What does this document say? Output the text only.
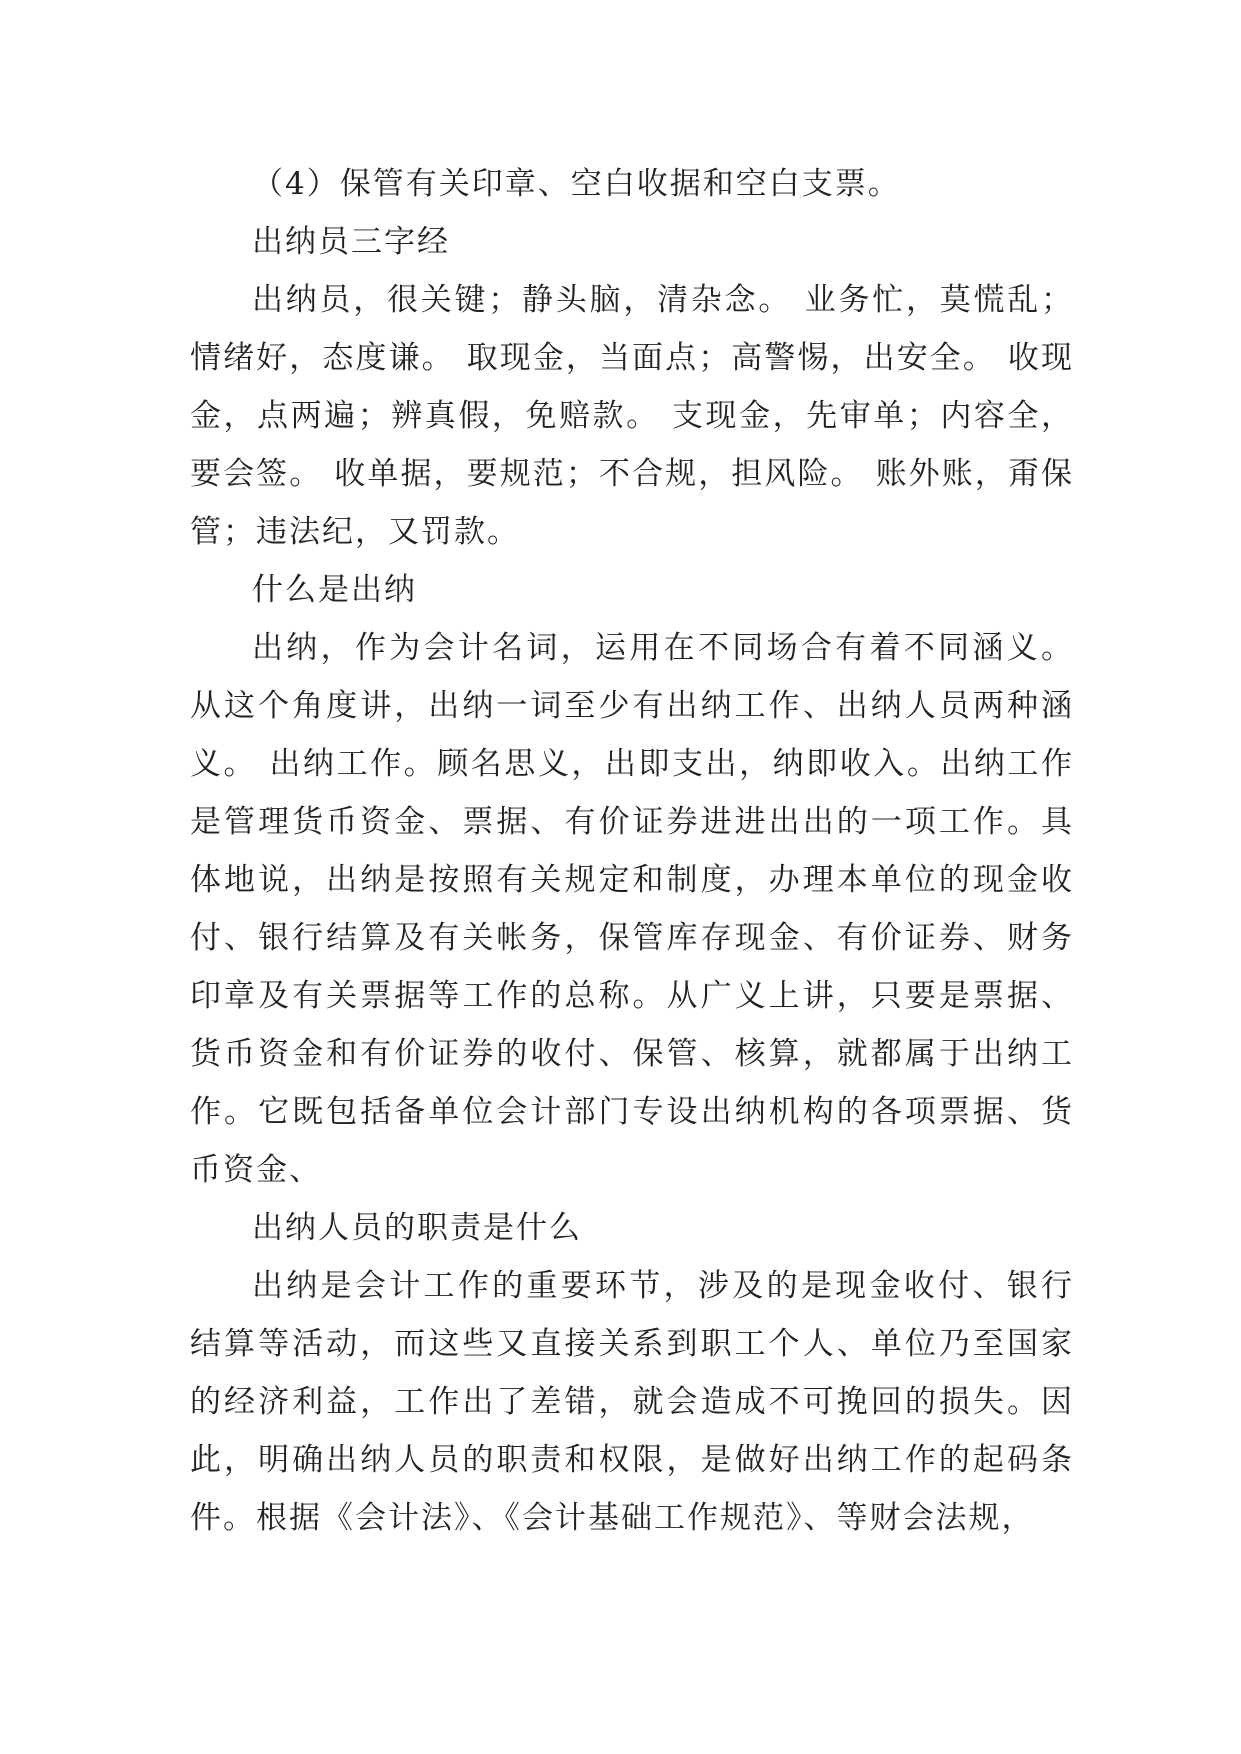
（4）保管有关印章、空白收据和空白支票。

出纳员三字经

出纳员，很关键；静头脑，清杂念。 业务忙，莫慌乱；情绪好，态度谦。 取现金，当面点；高警惕，出安全。 收现金，点两遍；辨真假，免赔款。 支现金，先审单；内容全，要会签。 收单据，要规范；不合规，担风险。 账外账，甭保管；违法纪，又罚款。

什么是出纳

出纳，作为会计名词，运用在不同场合有着不同涵义。从这个角度讲，出纳一词至少有出纳工作、出纳人员两种涵义。 出纳工作。顾名思义，出即支出，纳即收入。出纳工作是管理货币资金、票据、有价证券进进出出的一项工作。具体地说，出纳是按照有关规定和制度，办理本单位的现金收付、银行结算及有关帐务，保管库存现金、有价证券、财务印章及有关票据等工作的总称。从广义上讲，只要是票据、货币资金和有价证券的收付、保管、核算，就都属于出纳工作。它既包括备单位会计部门专设出纳机构的各项票据、货币资金、

出纳人员的职责是什么

出纳是会计工作的重要环节，涉及的是现金收付、银行结算等活动，而这些又直接关系到职工个人、单位乃至国家的经济利益，工作出了差错，就会造成不可挽回的损失。因此，明确出纳人员的职责和权限，是做好出纳工作的起码条件。根据《会计法》、《会计基础工作规范》、等财会法规，
